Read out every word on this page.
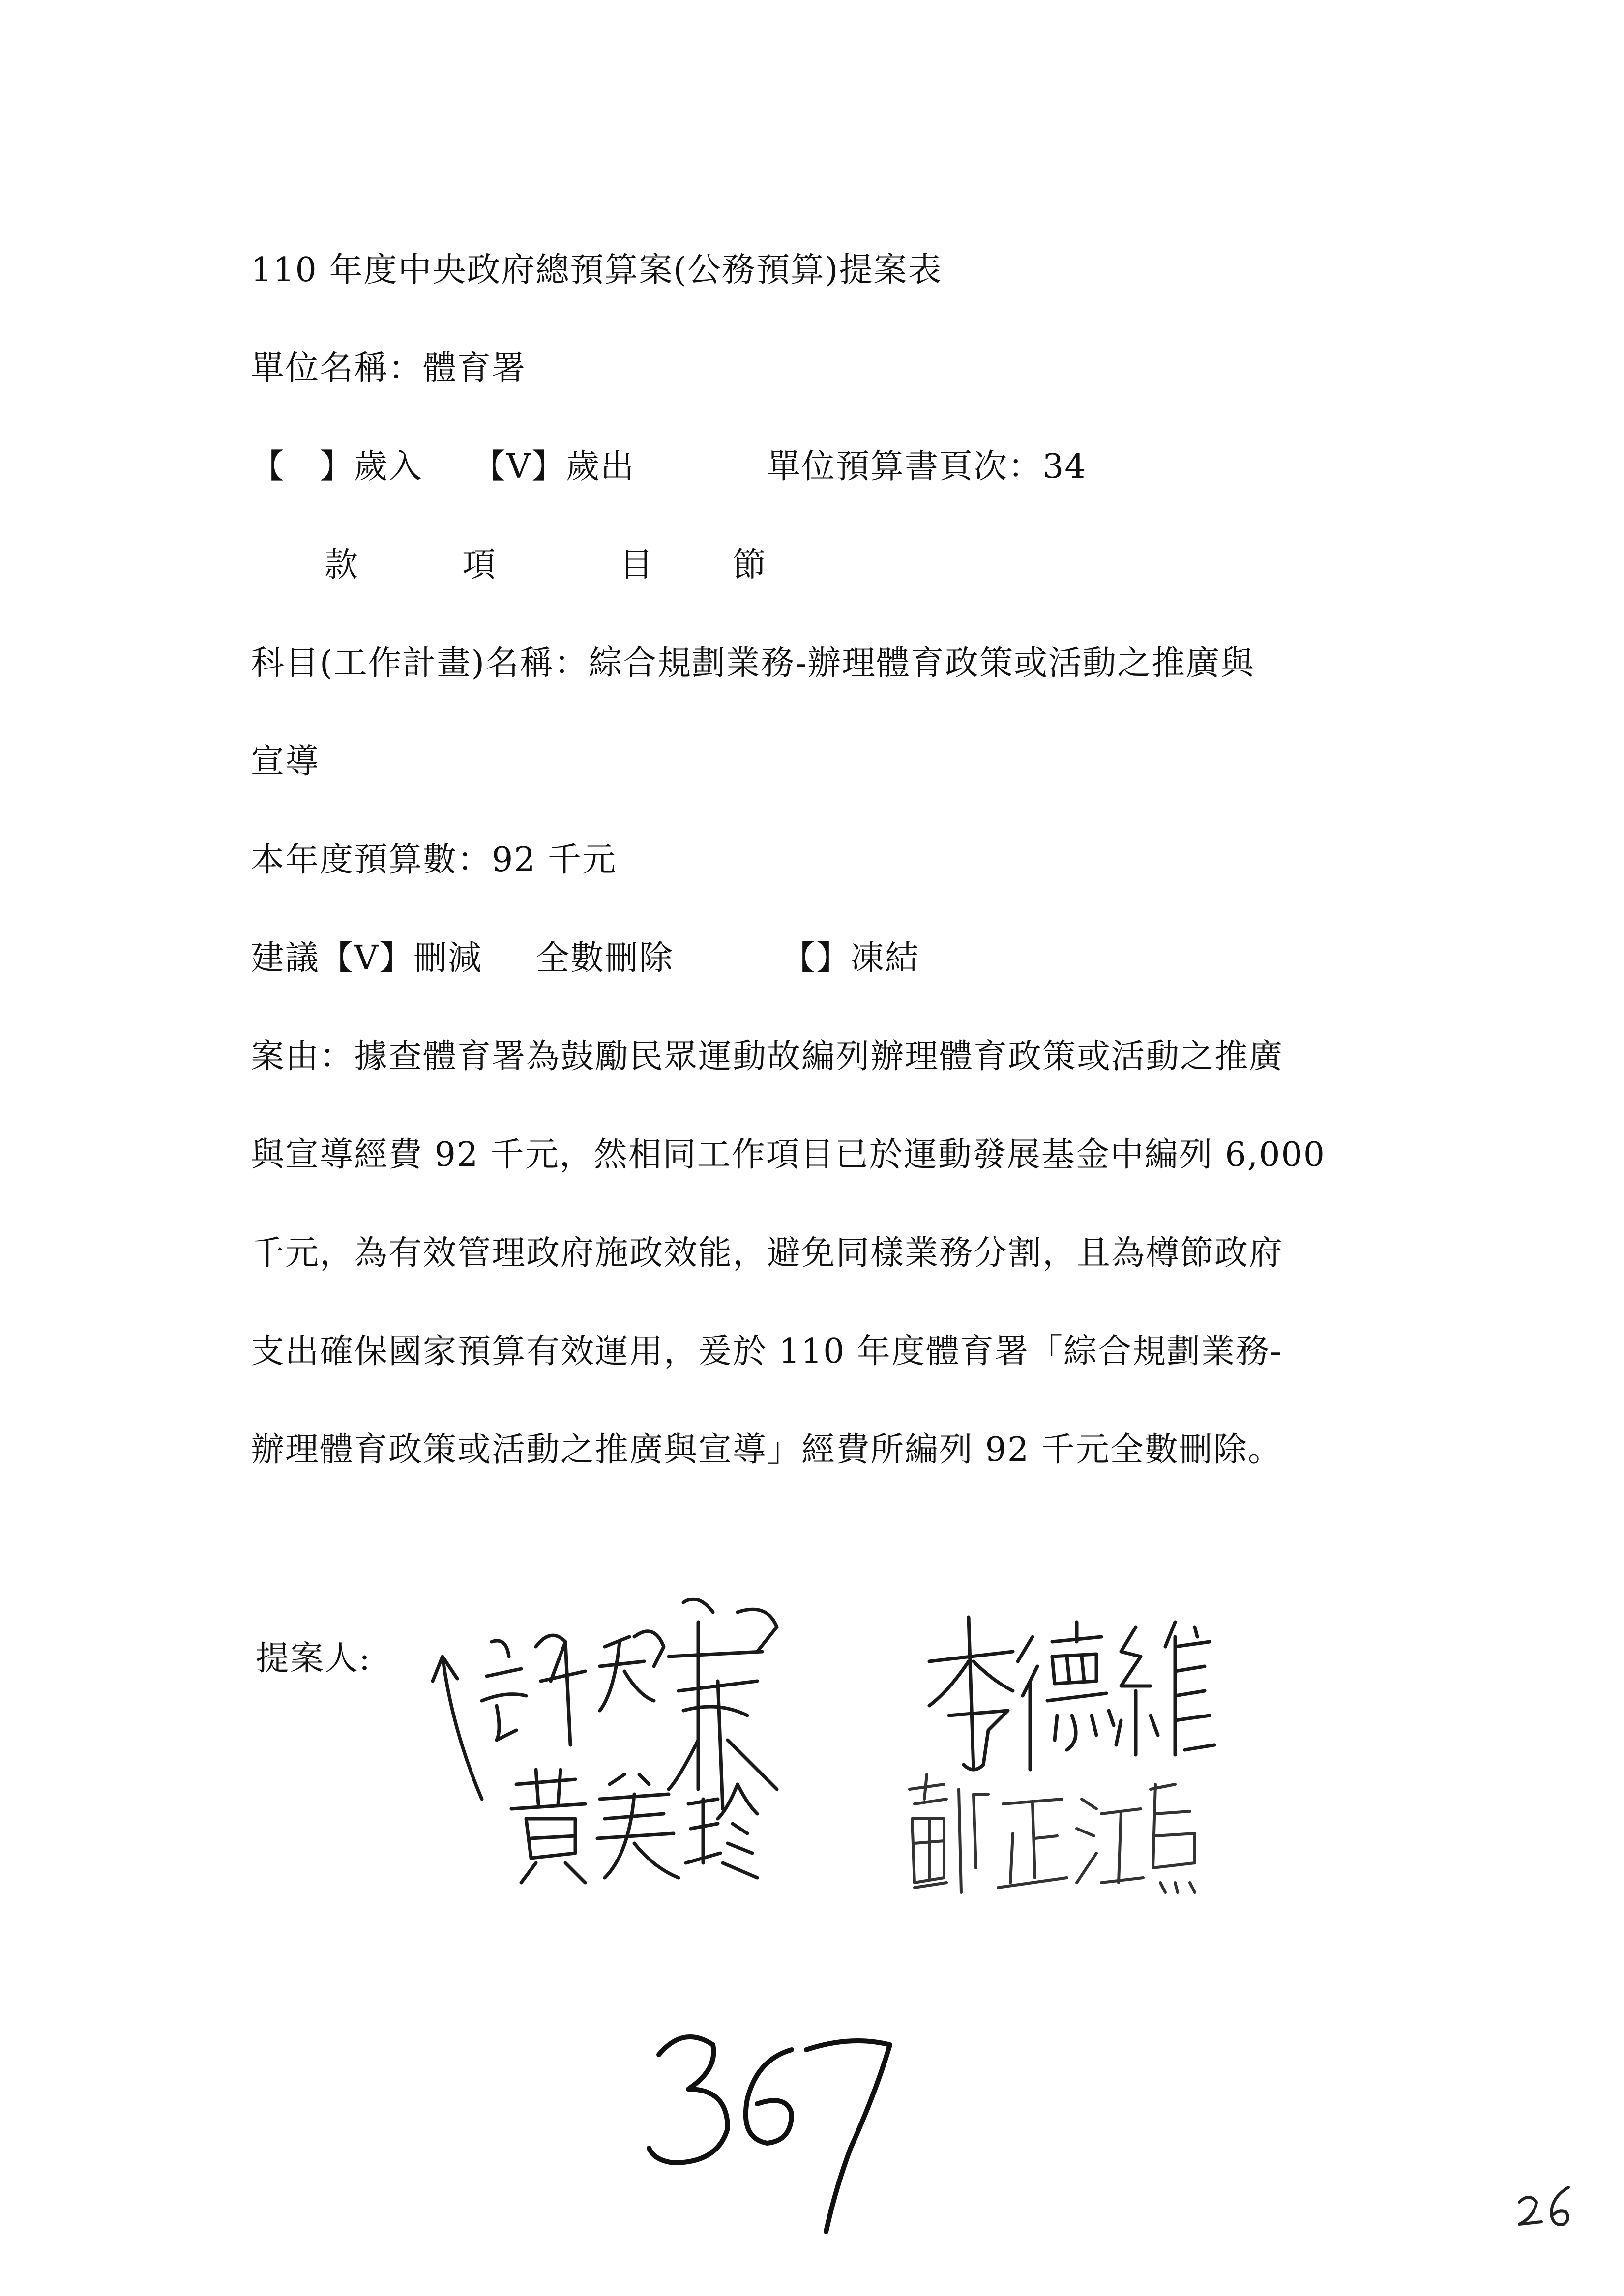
110 年度中央政府總預算案(公務預算)提案表
單位名稱：體育署
【　】歲入 【V】歲出	單位預算書頁次：34
款	項	目 節
科目(工作計畫)名稱：綜合規劃業務-辦理體育政策或活動之推廣與
宣導
本年度預算數：92 千元
建議【V】刪減 全數刪除	【】凍結
案由：據查體育署為鼓勵民眾運動故編列辦理體育政策或活動之推廣
與宣導經費 92 千元，然相同工作項目已於運動發展基金中編列 6,000
千元，為有效管理政府施政效能，避免同樣業務分割，且為樽節政府
支出確保國家預算有效運用，爰於 110 年度體育署「綜合規劃業務-
辦理體育政策或活動之推廣與宣導」經費所編列 92 千元全數刪除。
提案人:
